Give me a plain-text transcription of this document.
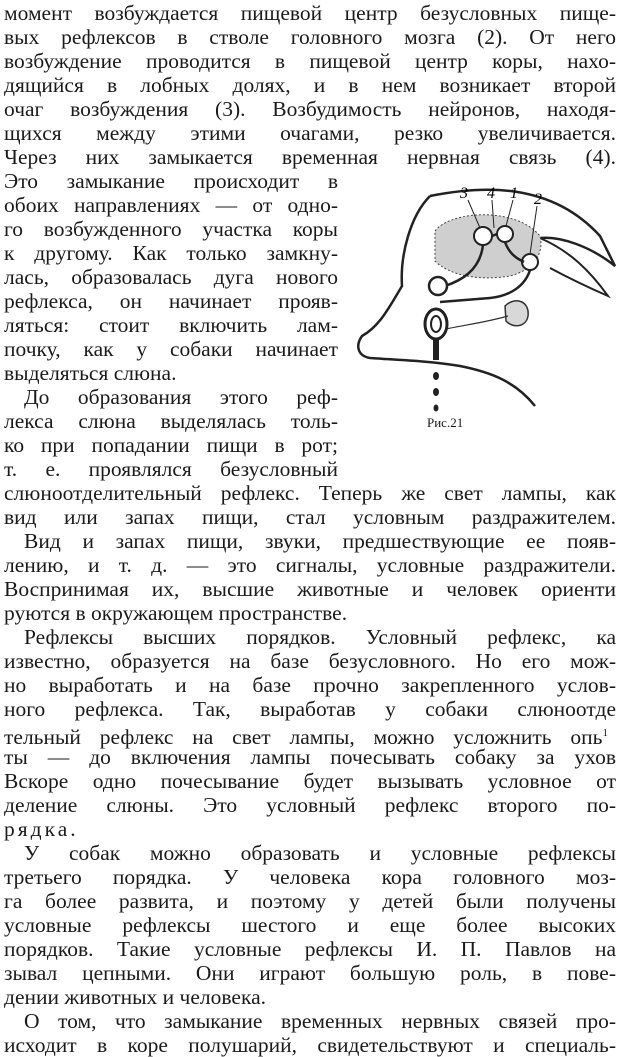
момент возбуждается пищевой центр безусловных пище-
вых рефлексов в стволе головного мозга (2). От него
возбуждение проводится в пищевой центр коры, нахо-
дящийся в лобных долях, и в нем возникает второй
очаг возбуждения (3). Возбудимость нейронов, находя-
щихся между этими очагами, резко увеличивается.
Через них замыкается временная нервная связь (4).
Это замыкание происходит в
обоих направлениях — от одно-
го возбужденного участка коры
к другому. Как только замкну-
лась, образовалась дуга нового
рефлекса, он начинает прояв-
ляться: стоит включить лам-
почку, как у собаки начинает
выделяться слюна.
До образования этого реф-
лекса слюна выделялась толь-
ко при попадании пищи в рот;
т. е. проявлялся безусловный
слюноотделительный рефлекс. Теперь же свет лампы, как
вид или запах пищи, стал условным раздражителем.
Вид и запах пищи, звуки, предшествующие ее появ-
лению, и т. д. — это сигналы, условные раздражители.
Воспринимая их, высшие животные и человек ориенти
руются в окружающем пространстве.
Рефлексы высших порядков. Условный рефлекс, ка
известно, образуется на базе безусловного. Но его мож-
но выработать и на базе прочно закрепленного услов-
ного рефлекса. Так, выработав у собаки слюноотде
тельный рефлекс на свет лампы, можно усложнить опь$^1$
ты — до включения лампы почесывать собаку за ухов
Вскоре одно почесывание будет вызывать условное от
деление слюны. Это условный рефлекс второго по-
рядка.
У собак можно образовать и условные рефлексы
третьего порядка. У человека кора головного моз-
га более развита, и поэтому у детей были получены
условные рефлексы шестого и еще более высоких
порядков. Такие условные рефлексы И. П. Павлов на
зывал цепными. Они играют большую роль, в пове-
дении животных и человека.
О том, что замыкание временных нервных связей про-
исходит в коре полушарий, свидетельствуют и специаль-
3 4 1 2
Рис.21
